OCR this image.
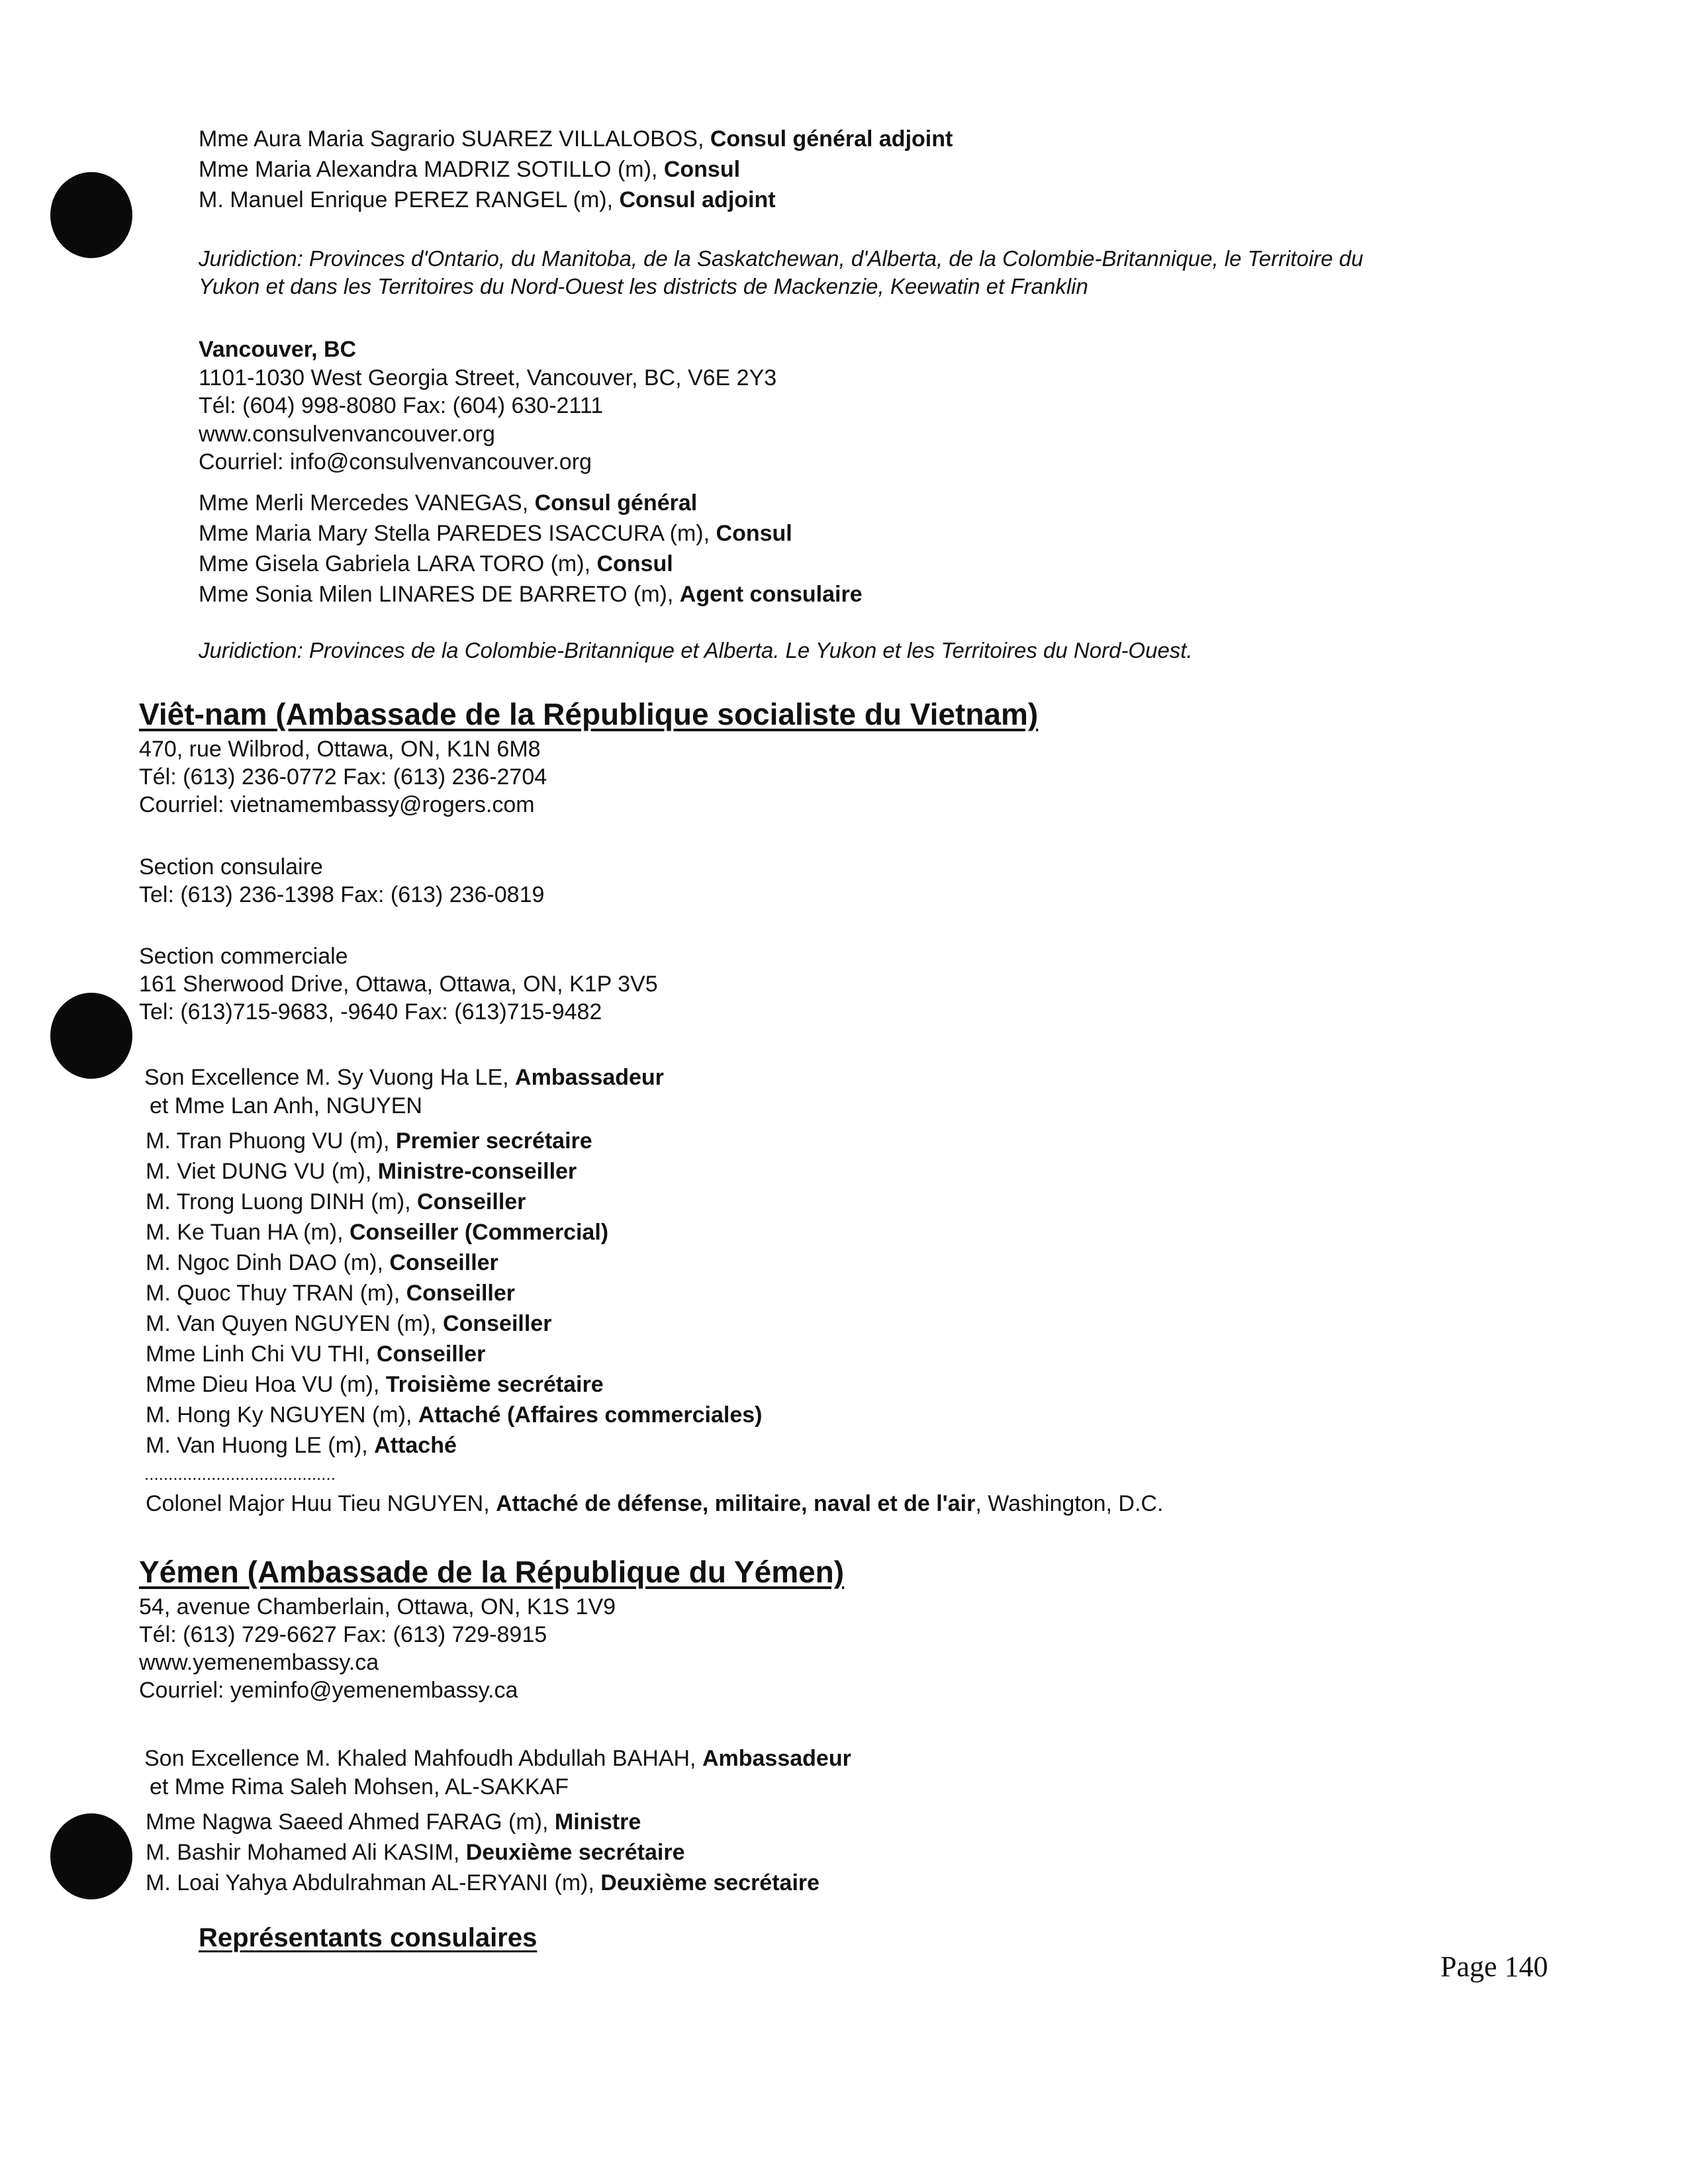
Mme Aura Maria Sagrario SUAREZ VILLALOBOS, Consul général adjoint
Mme Maria Alexandra MADRIZ SOTILLO (m), Consul
M. Manuel Enrique PEREZ RANGEL (m), Consul adjoint
Juridiction: Provinces d'Ontario, du Manitoba, de la Saskatchewan, d'Alberta, de la Colombie-Britannique, le Territoire du
Yukon et dans les Territoires du Nord-Ouest les districts de Mackenzie, Keewatin et Franklin
Vancouver, BC
1101-1030 West Georgia Street, Vancouver, BC, V6E 2Y3
Tél: (604) 998-8080 Fax: (604) 630-2111
www.consulvenvancouver.org
Courriel: info@consulvenvancouver.org
Mme Merli Mercedes VANEGAS, Consul général
Mme Maria Mary Stella PAREDES ISACCURA (m), Consul
Mme Gisela Gabriela LARA TORO (m), Consul
Mme Sonia Milen LINARES DE BARRETO (m), Agent consulaire
Juridiction: Provinces de la Colombie-Britannique et Alberta. Le Yukon et les Territoires du Nord-Ouest.
Viêt-nam (Ambassade de la République socialiste du Vietnam)
470, rue Wilbrod, Ottawa, ON, K1N 6M8
Tél: (613) 236-0772 Fax: (613) 236-2704
Courriel: vietnamembassy@rogers.com
Section consulaire
Tel: (613) 236-1398 Fax: (613) 236-0819
Section commerciale
161 Sherwood Drive, Ottawa, Ottawa, ON, K1P 3V5
Tel: (613)715-9683, -9640 Fax: (613)715-9482
Son Excellence M. Sy Vuong Ha LE, Ambassadeur
et Mme Lan Anh, NGUYEN
M. Tran Phuong VU (m), Premier secrétaire
M. Viet DUNG VU (m), Ministre-conseiller
M. Trong Luong DINH (m), Conseiller
M. Ke Tuan HA (m), Conseiller (Commercial)
M. Ngoc Dinh DAO (m), Conseiller
M. Quoc Thuy TRAN (m), Conseiller
M. Van Quyen NGUYEN (m), Conseiller
Mme Linh Chi VU THI, Conseiller
Mme Dieu Hoa VU (m), Troisième secrétaire
M. Hong Ky NGUYEN (m), Attaché (Affaires commerciales)
M. Van Huong LE (m), Attaché
........................................
Colonel Major Huu Tieu NGUYEN, Attaché de défense, militaire, naval et de l'air, Washington, D.C.
Yémen (Ambassade de la République du Yémen)
54, avenue Chamberlain, Ottawa, ON, K1S 1V9
Tél: (613) 729-6627 Fax: (613) 729-8915
www.yemenembassy.ca
Courriel: yeminfo@yemenembassy.ca
Son Excellence M. Khaled Mahfoudh Abdullah BAHAH, Ambassadeur
et Mme Rima Saleh Mohsen, AL-SAKKAF
Mme Nagwa Saeed Ahmed FARAG (m), Ministre
M. Bashir Mohamed Ali KASIM, Deuxième secrétaire
M. Loai Yahya Abdulrahman AL-ERYANI (m), Deuxième secrétaire
Représentants consulaires
Page 140
